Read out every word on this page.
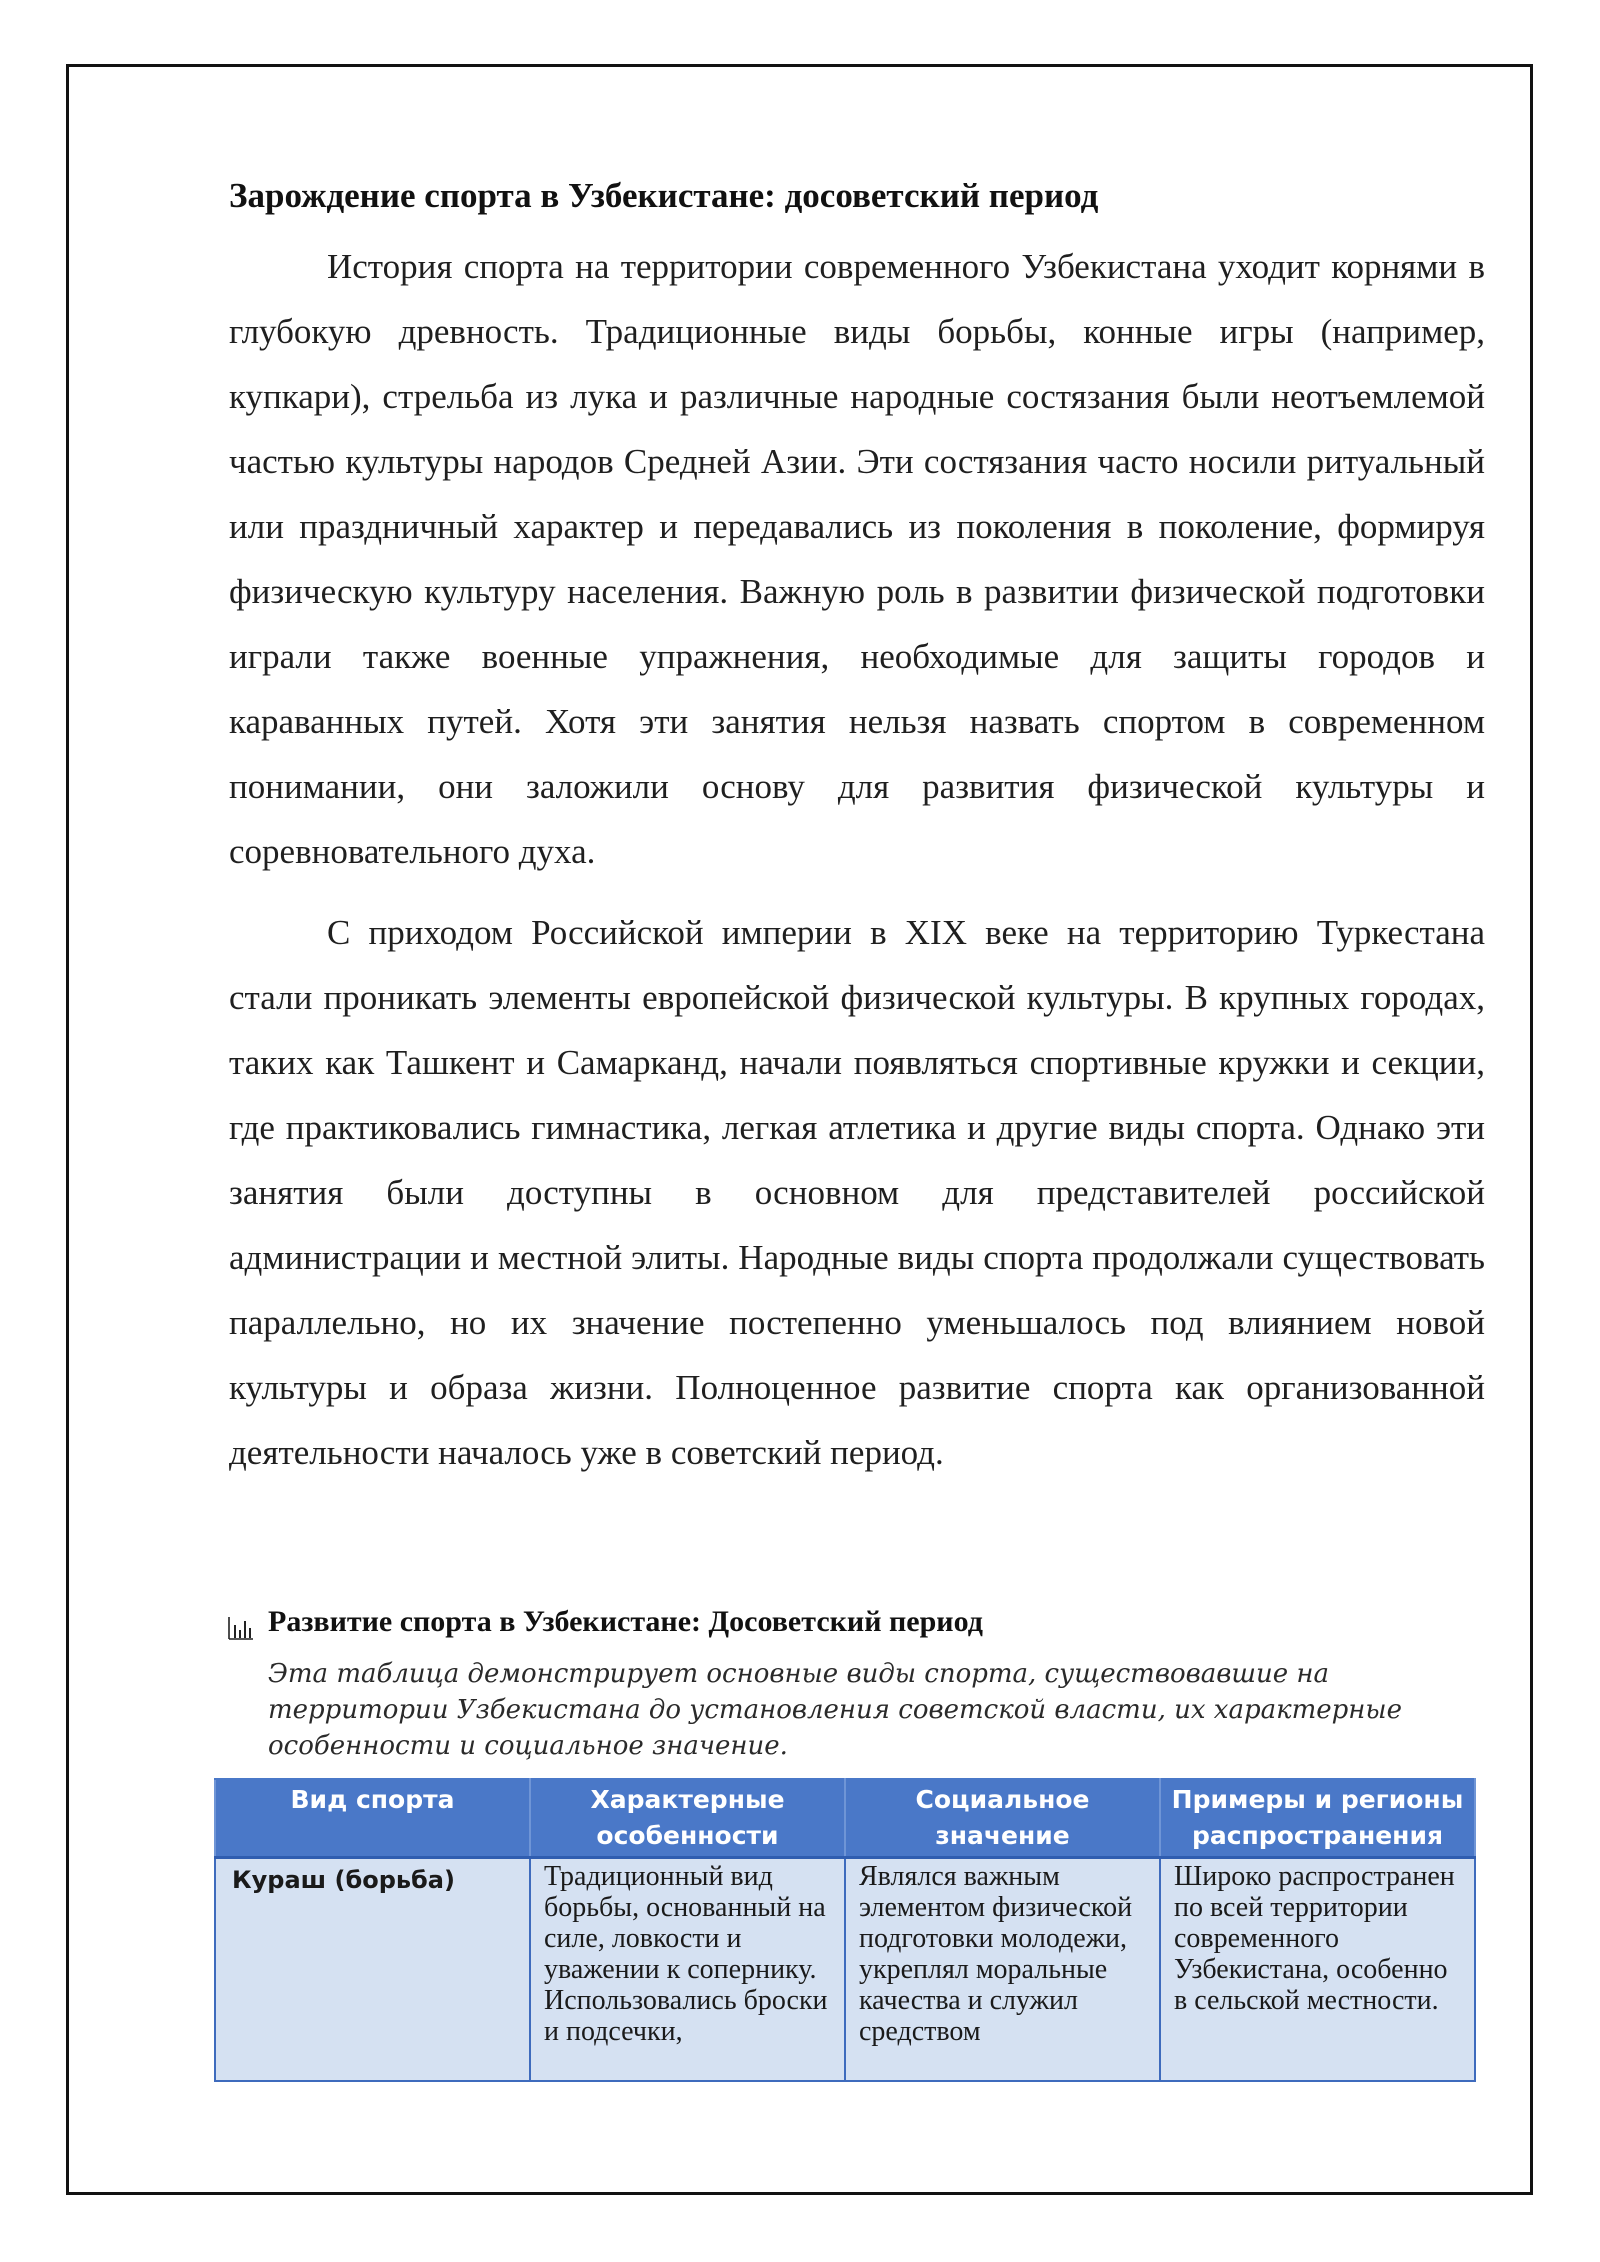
Зарождение спорта в Узбекистане: досоветский период

История спорта на территории современного Узбекистана уходит корнями в глубокую древность. Традиционные виды борьбы, конные игры (например, купкари), стрельба из лука и различные народные состязания были неотъемлемой частью культуры народов Средней Азии. Эти состязания часто носили ритуальный или праздничный характер и передавались из поколения в поколение, формируя физическую культуру населения. Важную роль в развитии физической подготовки играли также военные упражнения, необходимые для защиты городов и караванных путей. Хотя эти занятия нельзя назвать спортом в современном понимании, они заложили основу для развития физической культуры и соревновательного духа.

С приходом Российской империи в XIX веке на территорию Туркестана стали проникать элементы европейской физической культуры. В крупных городах, таких как Ташкент и Самарканд, начали появляться спортивные кружки и секции, где практиковались гимнастика, легкая атлетика и другие виды спорта. Однако эти занятия были доступны в основном для представителей российской администрации и местной элиты. Народные виды спорта продолжали существовать параллельно, но их значение постепенно уменьшалось под влиянием новой культуры и образа жизни. Полноценное развитие спорта как организованной деятельности началось уже в советский период.

Развитие спорта в Узбекистане: Досоветский период
Эта таблица демонстрирует основные виды спорта, существовавшие на территории Узбекистана до установления советской власти, их характерные особенности и социальное значение.
Вид спорта	Характерные особенности	Социальное значение	Примеры и регионы распространения

Кураш (борьба)	Традиционный вид борьбы, основанный на силе, ловкости и уважении к сопернику. Использовались броски и подсечки,	Являлся важным элементом физической подготовки молодежи, укреплял моральные качества и служил средством	Широко распространен по всей территории современного Узбекистана, особенно в сельской местности.
